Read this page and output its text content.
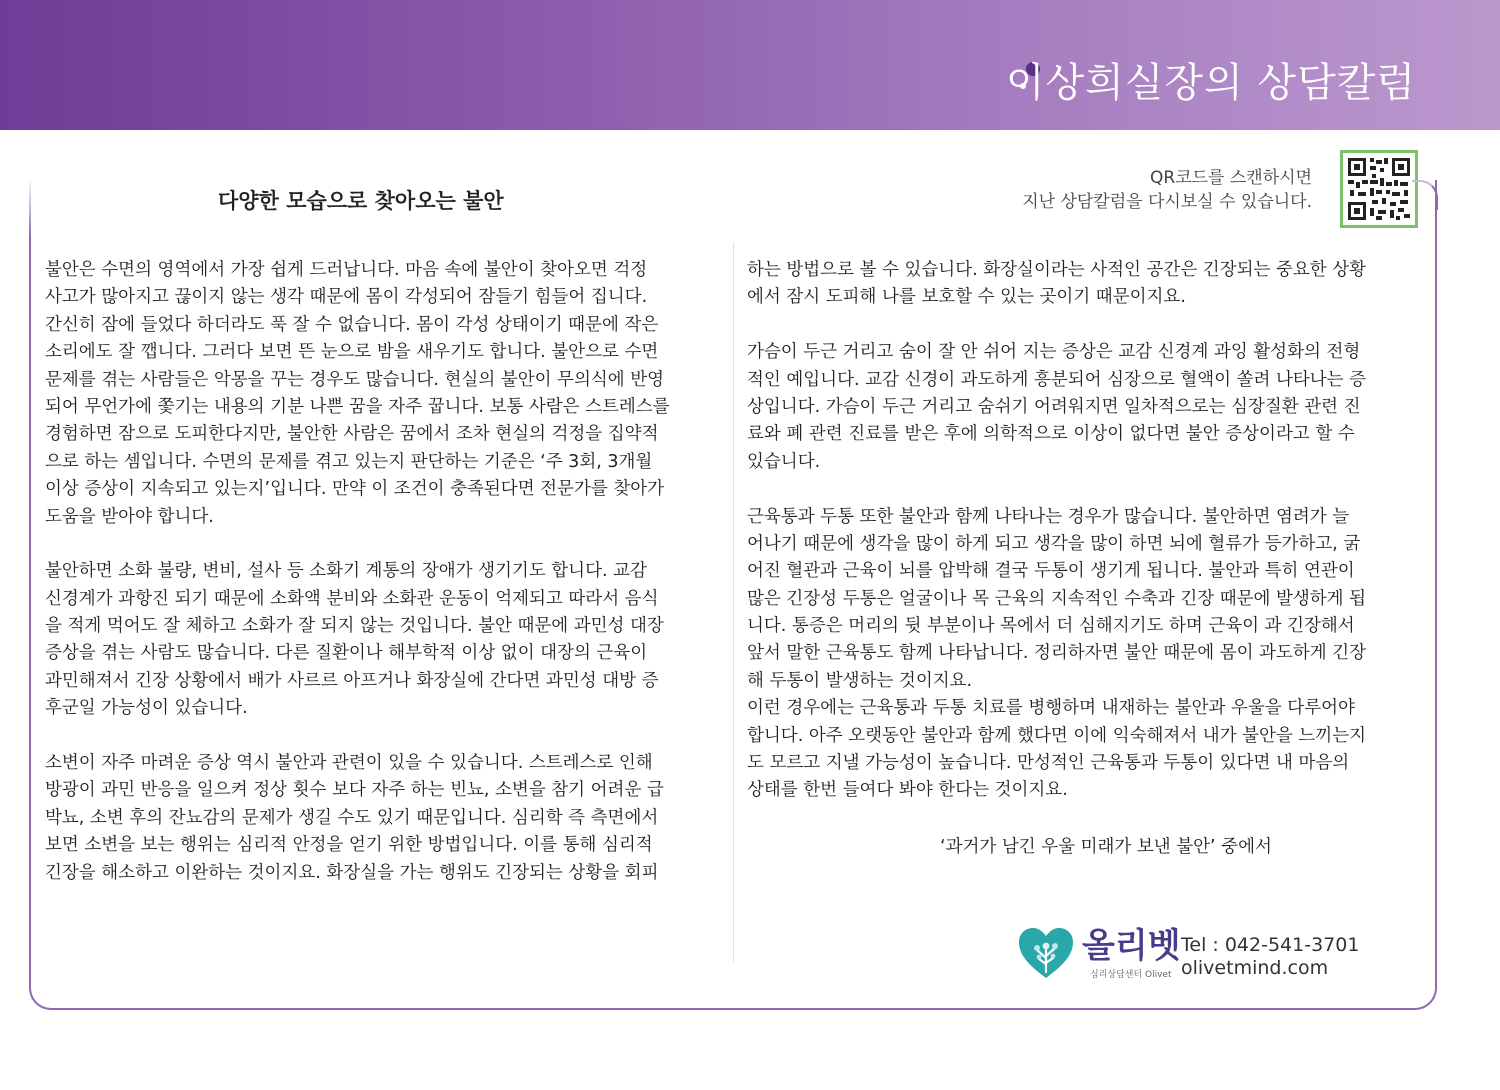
이상희실장의 상담칼럼
QR코드를 스캔하시면
지난 상담칼럼을 다시보실 수 있습니다.
다양한 모습으로 찾아오는 불안
불안은 수면의 영역에서 가장 쉽게 드러납니다. 마음 속에 불안이 찾아오면 걱정
사고가 많아지고 끊이지 않는 생각 때문에 몸이 각성되어 잠들기 힘들어 집니다.
간신히 잠에 들었다 하더라도 푹 잘 수 없습니다. 몸이 각성 상태이기 때문에 작은
소리에도 잘 깹니다. 그러다 보면 뜬 눈으로 밤을 새우기도 합니다. 불안으로 수면
문제를 겪는 사람들은 악몽을 꾸는 경우도 많습니다. 현실의 불안이 무의식에 반영
되어 무언가에 쫓기는 내용의 기분 나쁜 꿈을 자주 꿉니다. 보통 사람은 스트레스를
경험하면 잠으로 도피한다지만, 불안한 사람은 꿈에서 조차 현실의 걱정을 집약적
으로 하는 셈입니다. 수면의 문제를 겪고 있는지 판단하는 기준은 ‘주 3회, 3개월
이상 증상이 지속되고 있는지’입니다. 만약 이 조건이 충족된다면 전문가를 찾아가
도움을 받아야 합니다.
불안하면 소화 불량, 변비, 설사 등 소화기 계통의 장애가 생기기도 합니다. 교감
신경계가 과항진 되기 때문에 소화액 분비와 소화관 운동이 억제되고 따라서 음식
을 적게 먹어도 잘 체하고 소화가 잘 되지 않는 것입니다. 불안 때문에 과민성 대장
증상을 겪는 사람도 많습니다. 다른 질환이나 해부학적 이상 없이 대장의 근육이
과민해져서 긴장 상황에서 배가 사르르 아프거나 화장실에 간다면 과민성 대방 증
후군일 가능성이 있습니다.
소변이 자주 마려운 증상 역시 불안과 관련이 있을 수 있습니다. 스트레스로 인해
방광이 과민 반응을 일으켜 정상 횟수 보다 자주 하는 빈뇨, 소변을 참기 어려운 급
박뇨, 소변 후의 잔뇨감의 문제가 생길 수도 있기 때문입니다. 심리학 즉 측면에서
보면 소변을 보는 행위는 심리적 안정을 얻기 위한 방법입니다. 이를 통해 심리적
긴장을 해소하고 이완하는 것이지요. 화장실을 가는 행위도 긴장되는 상황을 회피
하는 방법으로 볼 수 있습니다. 화장실이라는 사적인 공간은 긴장되는 중요한 상황
에서 잠시 도피해 나를 보호할 수 있는 곳이기 때문이지요.
가슴이 두근 거리고 숨이 잘 안 쉬어 지는 증상은 교감 신경계 과잉 활성화의 전형
적인 예입니다. 교감 신경이 과도하게 흥분되어 심장으로 혈액이 쏠려 나타나는 증
상입니다. 가슴이 두근 거리고 숨쉬기 어려워지면 일차적으로는 심장질환 관련 진
료와 폐 관련 진료를 받은 후에 의학적으로 이상이 없다면 불안 증상이라고 할 수
있습니다.
근육통과 두통 또한 불안과 함께 나타나는 경우가 많습니다. 불안하면 염려가 늘
어나기 때문에 생각을 많이 하게 되고 생각을 많이 하면 뇌에 혈류가 등가하고, 굵
어진 혈관과 근육이 뇌를 압박해 결국 두통이 생기게 됩니다. 불안과 특히 연관이
많은 긴장성 두통은 얼굴이나 목 근육의 지속적인 수축과 긴장 때문에 발생하게 됩
니다. 통증은 머리의 뒷 부분이나 목에서 더 심해지기도 하며 근육이 과 긴장해서
앞서 말한 근육통도 함께 나타납니다. 정리하자면 불안 때문에 몸이 과도하게 긴장
해 두통이 발생하는 것이지요.
이런 경우에는 근육통과 두통 치료를 병행하며 내재하는 불안과 우울을 다루어야
합니다. 아주 오랫동안 불안과 함께 했다면 이에 익숙해져서 내가 불안을 느끼는지
도 모르고 지낼 가능성이 높습니다. 만성적인 근육통과 두통이 있다면 내 마음의
상태를 한번 들여다 봐야 한다는 것이지요.
‘과거가 남긴 우울 미래가 보낸 불안’ 중에서
올리벳
심리상담센터 Olivet
Tel : 042-541-3701
olivetmind.com
